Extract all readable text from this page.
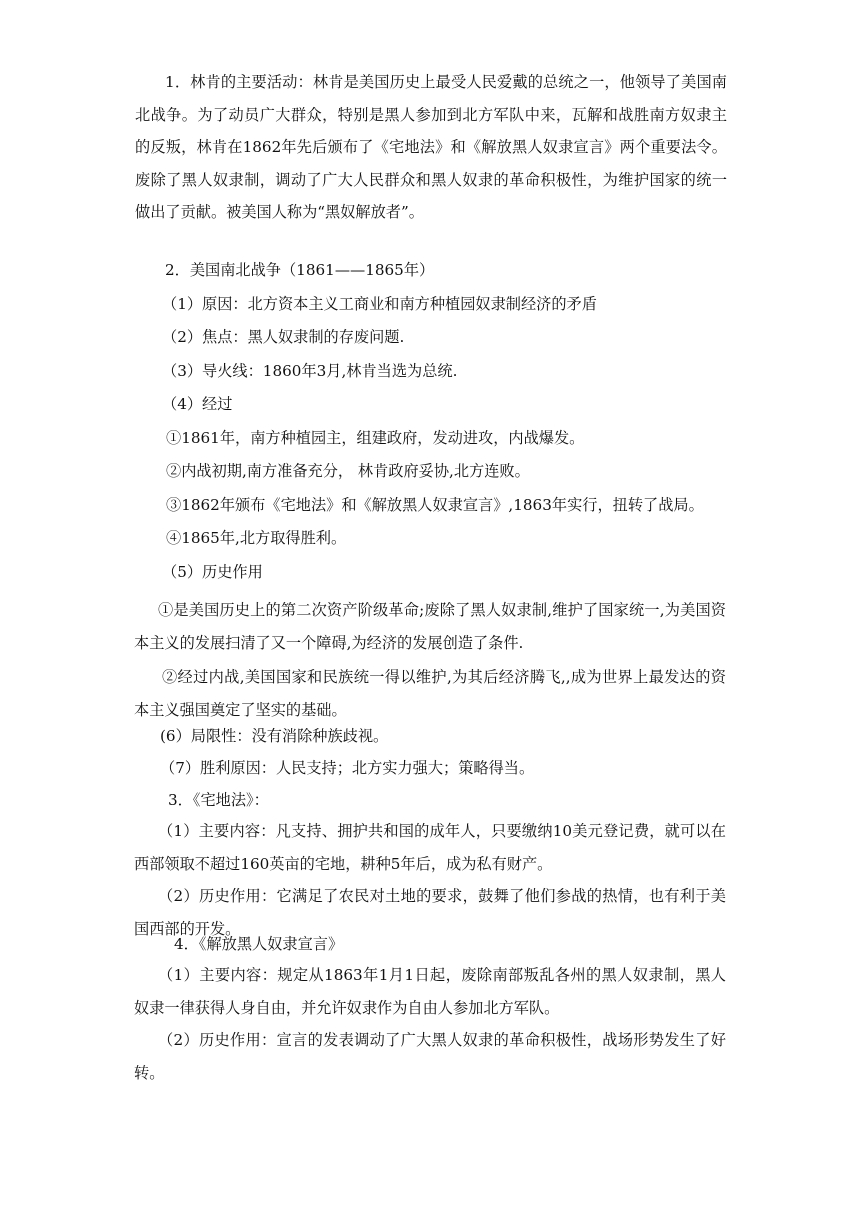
1．林肯的主要活动：林肯是美国历史上最受人民爱戴的总统之一，他领导了美国南北战争。为了动员广大群众，特别是黑人参加到北方军队中来，瓦解和战胜南方奴隶主的反叛，林肯在1862年先后颁布了《宅地法》和《解放黑人奴隶宣言》两个重要法令。废除了黑人奴隶制，调动了广大人民群众和黑人奴隶的革命积极性，为维护国家的统一做出了贡献。被美国人称为“黑奴解放者”。
2．美国南北战争（1861——1865年）
（1）原因：北方资本主义工商业和南方种植园奴隶制经济的矛盾
（2）焦点：黑人奴隶制的存废问题.
（3）导火线：1860年3月,林肯当选为总统.
（4）经过
①1861年，南方种植园主，组建政府，发动进攻，内战爆发。
②内战初期,南方准备充分， 林肯政府妥协,北方连败。
③1862年颁布《宅地法》和《解放黑人奴隶宣言》,1863年实行，扭转了战局。
④1865年,北方取得胜利。
（5）历史作用
①是美国历史上的第二次资产阶级革命;废除了黑人奴隶制,维护了国家统一,为美国资本主义的发展扫清了又一个障碍,为经济的发展创造了条件.
②经过内战,美国国家和民族统一得以维护,为其后经济腾飞,,成为世界上最发达的资本主义强国奠定了坚实的基础。
(6）局限性：没有消除种族歧视。
（7）胜利原因：人民支持；北方实力强大；策略得当。
3．《宅地法》：
（1）主要内容：凡支持、拥护共和国的成年人，只要缴纳10美元登记费，就可以在西部领取不超过160英亩的宅地，耕种5年后，成为私有财产。
（2）历史作用：它满足了农民对土地的要求，鼓舞了他们参战的热情，也有利于美国西部的开发。
4．《解放黑人奴隶宣言》
（1）主要内容：规定从1863年1月1日起，废除南部叛乱各州的黑人奴隶制，黑人奴隶一律获得人身自由，并允许奴隶作为自由人参加北方军队。
（2）历史作用：宣言的发表调动了广大黑人奴隶的革命积极性，战场形势发生了好转。
